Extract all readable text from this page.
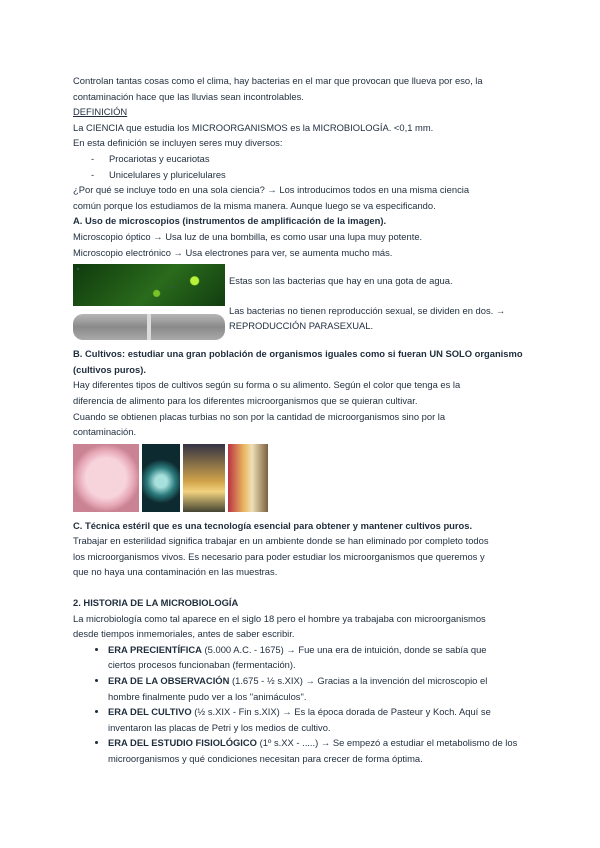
Controlan tantas cosas como el clima, hay bacterias en el mar que provocan que llueva por eso, la

contaminación hace que las lluvias sean incontrolables.

DEFINICIÓN

La CIENCIA que estudia los MICROORGANISMOS es la MICROBIOLOGÍA. <0,1 mm.

En esta definición se incluyen seres muy diversos:

- Procariotas y eucariotas
- Unicelulares y pluricelulares

¿Por qué se incluye todo en una sola ciencia? → Los introducimos todos en una misma ciencia

común porque los estudiamos de la misma manera. Aunque luego se va especificando.

A. Uso de microscopios (instrumentos de amplificación de la imagen).

Microscopio óptico → Usa luz de una bombilla, es como usar una lupa muy potente.

Microscopio electrónico → Usa electrones para ver, se aumenta mucho más.

Estas son las bacterias que hay en una gota de agua.

Las bacterias no tienen reproducción sexual, se dividen en dos. →

REPRODUCCIÓN PARASEXUAL.

B. Cultivos: estudiar una gran población de organismos iguales como si fueran UN SOLO organismo

(cultivos puros).

Hay diferentes tipos de cultivos según su forma o su alimento. Según el color que tenga es la

diferencia de alimento para los diferentes microorganismos que se quieran cultivar.

Cuando se obtienen placas turbias no son por la cantidad de microorganismos sino por la

contaminación.

C. Técnica estéril que es una tecnología esencial para obtener y mantener cultivos puros.

Trabajar en esterilidad significa trabajar en un ambiente donde se han eliminado por completo todos

los microorganismos vivos. Es necesario para poder estudiar los microorganismos que queremos y

que no haya una contaminación en las muestras.

2. HISTORIA DE LA MICROBIOLOGÍA

La microbiología como tal aparece en el siglo 18 pero el hombre ya trabajaba con microorganismos

desde tiempos inmemoriales, antes de saber escribir.

• ERA PRECIENTÍFICA (5.000 A.C. - 1675) → Fue una era de intuición, donde se sabía que
ciertos procesos funcionaban (fermentación).
• ERA DE LA OBSERVACIÓN (1.675 - ½ s.XIX) → Gracias a la invención del microscopio el
hombre finalmente pudo ver a los "animáculos".
• ERA DEL CULTIVO (½ s.XIX - Fin s.XIX) → Es la época dorada de Pasteur y Koch. Aquí se
inventaron las placas de Petri y los medios de cultivo.
• ERA DEL ESTUDIO FISIOLÓGICO (1º s.XX - .....) → Se empezó a estudiar el metabolismo de los
microorganismos y qué condiciones necesitan para crecer de forma óptima.
